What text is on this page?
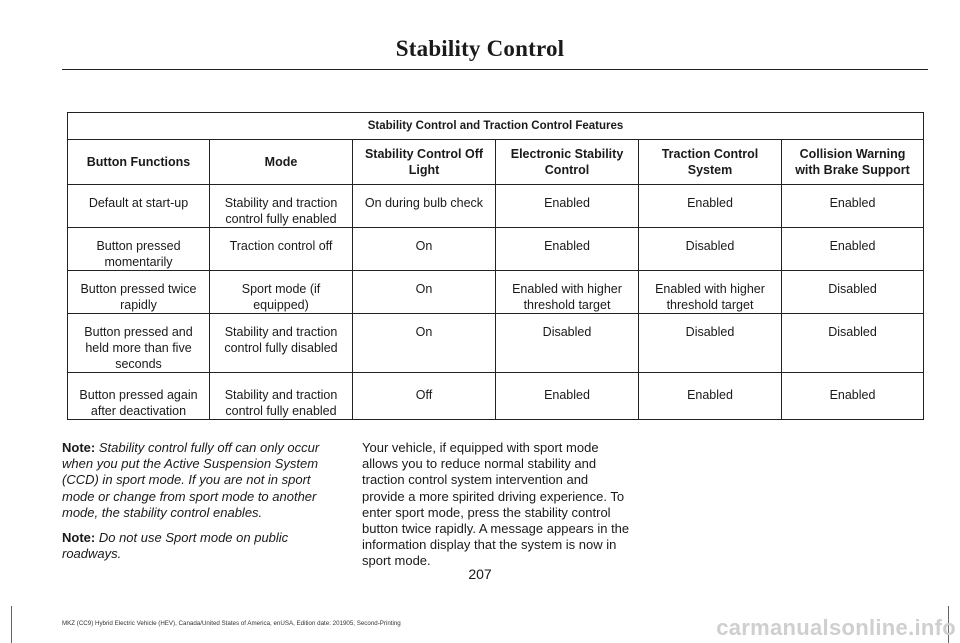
Stability Control
Stability Control and Traction Control Features					
Button Functions	Mode	Stability Control Off Light	Electronic Stability Control	Traction Control System	Collision Warning with Brake Support
Default at start-up	Stability and traction control fully enabled	On during bulb check	Enabled	Enabled	Enabled
Button pressed momentarily	Traction control off	On	Enabled	Disabled	Enabled
Button pressed twice rapidly	Sport mode (if equipped)	On	Enabled with higher threshold target	Enabled with higher threshold target	Disabled
Button pressed and held more than five seconds	Stability and traction control fully disabled	On	Disabled	Disabled	Disabled
Button pressed again after deactivation	Stability and traction control fully enabled	Off	Enabled	Enabled	Enabled

Note: Stability control fully off can only occur when you put the Active Suspension System (CCD) in sport mode. If you are not in sport mode or change from sport mode to another mode, the stability control enables.

Note: Do not use Sport mode on public roadways.

Your vehicle, if equipped with sport mode allows you to reduce normal stability and traction control system intervention and provide a more spirited driving experience. To enter sport mode, press the stability control button twice rapidly. A message appears in the information display that the system is now in sport mode.

207
MKZ (CC9) Hybrid Electric Vehicle (HEV), Canada/United States of America, enUSA, Edition date: 201905, Second-Printing	carmanualsonline.info
